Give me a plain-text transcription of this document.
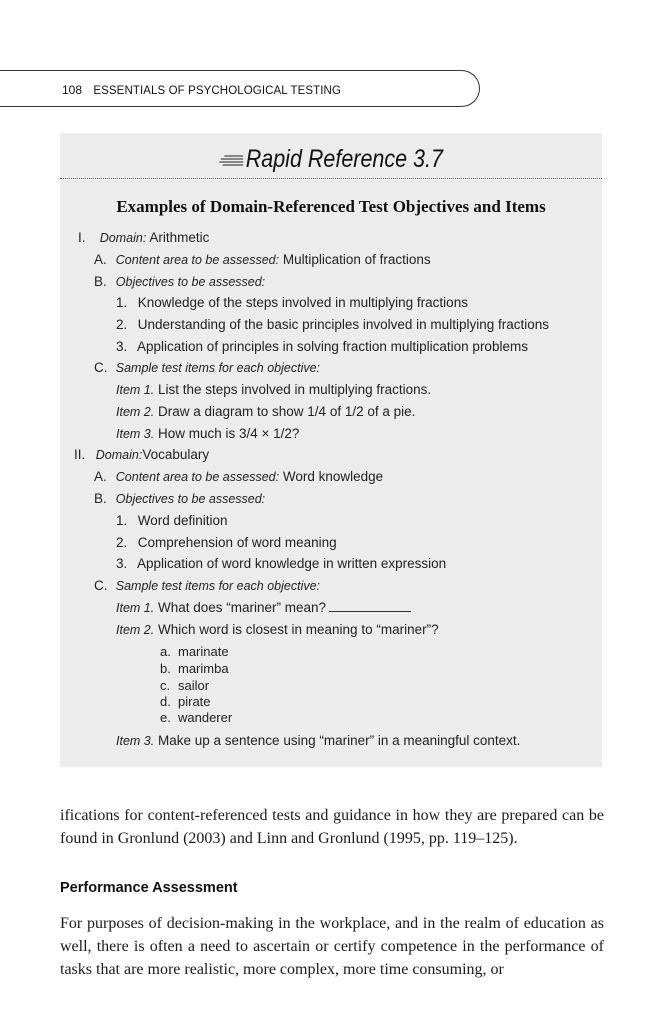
108 ESSENTIALS OF PSYCHOLOGICAL TESTING
Rapid Reference 3.7
Examples of Domain-Referenced Test Objectives and Items
I. Domain: Arithmetic
A. Content area to be assessed: Multiplication of fractions
B. Objectives to be assessed:
1. Knowledge of the steps involved in multiplying fractions
2. Understanding of the basic principles involved in multiplying fractions
3. Application of principles in solving fraction multiplication problems
C. Sample test items for each objective:
Item 1. List the steps involved in multiplying fractions.
Item 2. Draw a diagram to show 1/4 of 1/2 of a pie.
Item 3. How much is 3/4 × 1/2?
II. Domain:Vocabulary
A. Content area to be assessed: Word knowledge
B. Objectives to be assessed:
1. Word definition
2. Comprehension of word meaning
3. Application of word knowledge in written expression
C. Sample test items for each objective:
Item 1. What does “mariner” mean?
Item 2. Which word is closest in meaning to “mariner”?
a. marinate
b. marimba
c. sailor
d. pirate
e. wanderer
Item 3. Make up a sentence using “mariner” in a meaningful context.
ifications for content-referenced tests and guidance in how they are prepared can be found in Gronlund (2003) and Linn and Gronlund (1995, pp. 119–125).
Performance Assessment
For purposes of decision-making in the workplace, and in the realm of education as well, there is often a need to ascertain or certify competence in the performance of tasks that are more realistic, more complex, more time consuming, or
